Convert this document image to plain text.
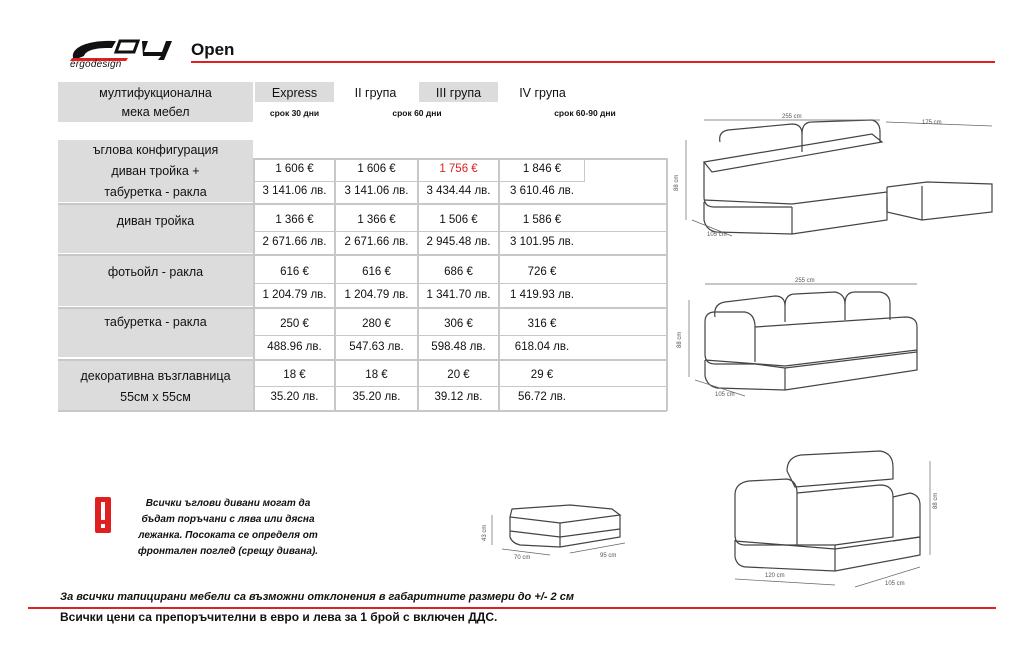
ergodesign
Open
мултифукционална
мека мебел
Express	II група	III група	IV група
срок 30 дни	срок 60 дни	срок 60-90 дни
ъглова конфигурация
диван тройка +
табуретка - ракла
1 606 €	1 606 €	1 756 €	1 846 €
3 141.06 лв.	3 141.06 лв.	3 434.44 лв.	3 610.46 лв.
диван тройка	1 366 €	1 366 €	1 506 €	1 586 €
2 671.66 лв.	2 671.66 лв.	2 945.48 лв.	3 101.95 лв.
фотьойл - ракла	616 €	616 €	686 €	726 €
1 204.79 лв.	1 204.79 лв.	1 341.70 лв.	1 419.93 лв.
табуретка - ракла	250 €	280 €	306 €	316 €
488.96 лв.	547.63 лв.	598.48 лв.	618.04 лв.
декоративна възглавница
55см х 55см
18 €	18 €	20 €	29 €
35.20 лв.	35.20 лв.	39.12 лв.	56.72 лв.
Всички ъглови дивани могат да
бъдат поръчани с лява или дясна
лежанка. Посоката се определя от
фронтален поглед (срещу дивана).
255 cm
175 cm
88 cm
105 cm
255 cm
88 cm
105 cm
43 cm
70 cm	95 cm
88 cm
120 cm
105 cm
За всички тапицирани мебели са възможни отклонения в габаритните размери до +/- 2 см
Всички цени са препоръчителни в евро и лева за 1 брой с включен ДДС.
